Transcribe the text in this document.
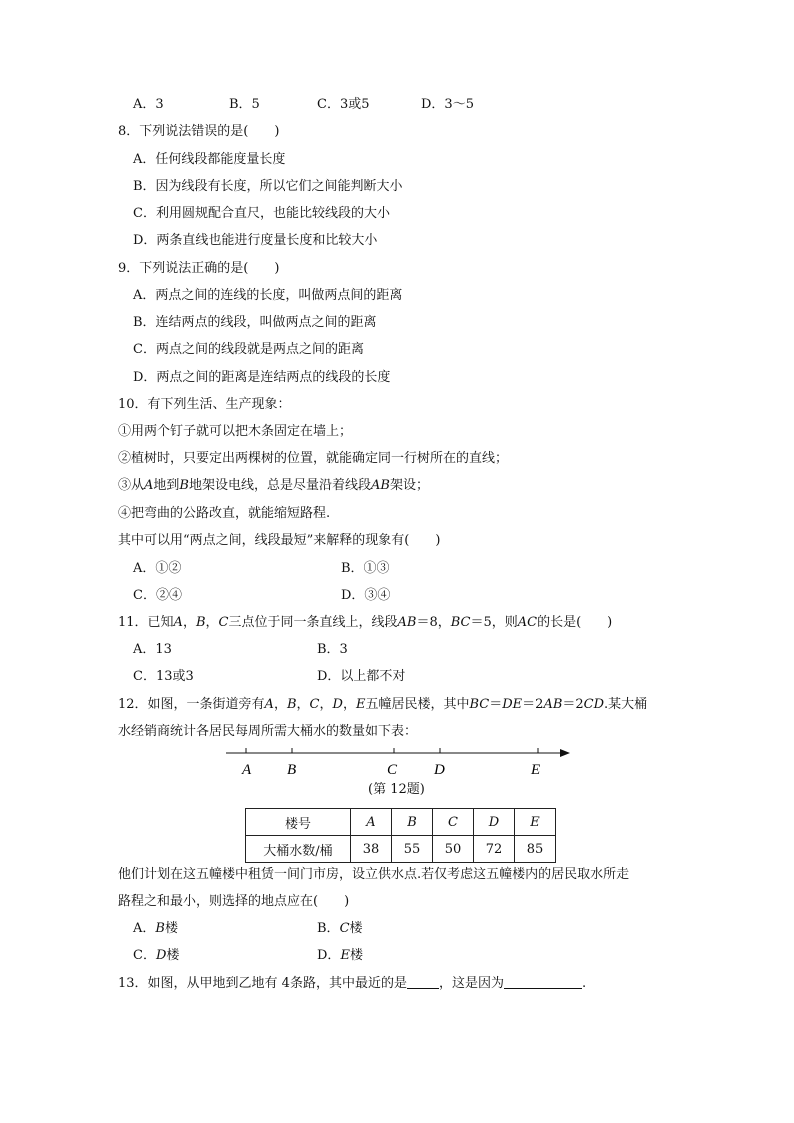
A．3	B．5	C．3或5	D．3～5
8．下列说法错误的是(　　)
A．任何线段都能度量长度
B．因为线段有长度，所以它们之间能判断大小
C．利用圆规配合直尺，也能比较线段的大小
D．两条直线也能进行度量长度和比较大小
9．下列说法正确的是(　　)
A．两点之间的连线的长度，叫做两点间的距离
B．连结两点的线段，叫做两点之间的距离
C．两点之间的线段就是两点之间的距离
D．两点之间的距离是连结两点的线段的长度
10．有下列生活、生产现象：
①用两个钉子就可以把木条固定在墙上；
②植树时，只要定出两棵树的位置，就能确定同一行树所在的直线；
③从A地到B地架设电线，总是尽量沿着线段AB架设；
④把弯曲的公路改直，就能缩短路程.
其中可以用“两点之间，线段最短”来解释的现象有(　　)
A．①②	B．①③
C．②④	D．③④
11．已知A，B，C三点位于同一条直线上，线段AB＝8，BC＝5，则AC的长是(　　)
A．13	B．3
C．13或3	D．以上都不对
12．如图，一条街道旁有A，B，C，D，E五幢居民楼，其中BC＝DE＝2AB＝2CD.某大桶
水经销商统计各居民每周所需大桶水的数量如下表：
A B	C D	E
(第 12题)
楼号	A	B	C	D	E
大桶水数/桶	38	55	50	72	85
他们计划在这五幢楼中租赁一间门市房，设立供水点.若仅考虑这五幢楼内的居民取水所走
路程之和最小，则选择的地点应在(　　)
A．B楼	B．C楼
C．D楼	D．E楼
13．如图，从甲地到乙地有 4条路，其中最近的是 ，这是因为	.
